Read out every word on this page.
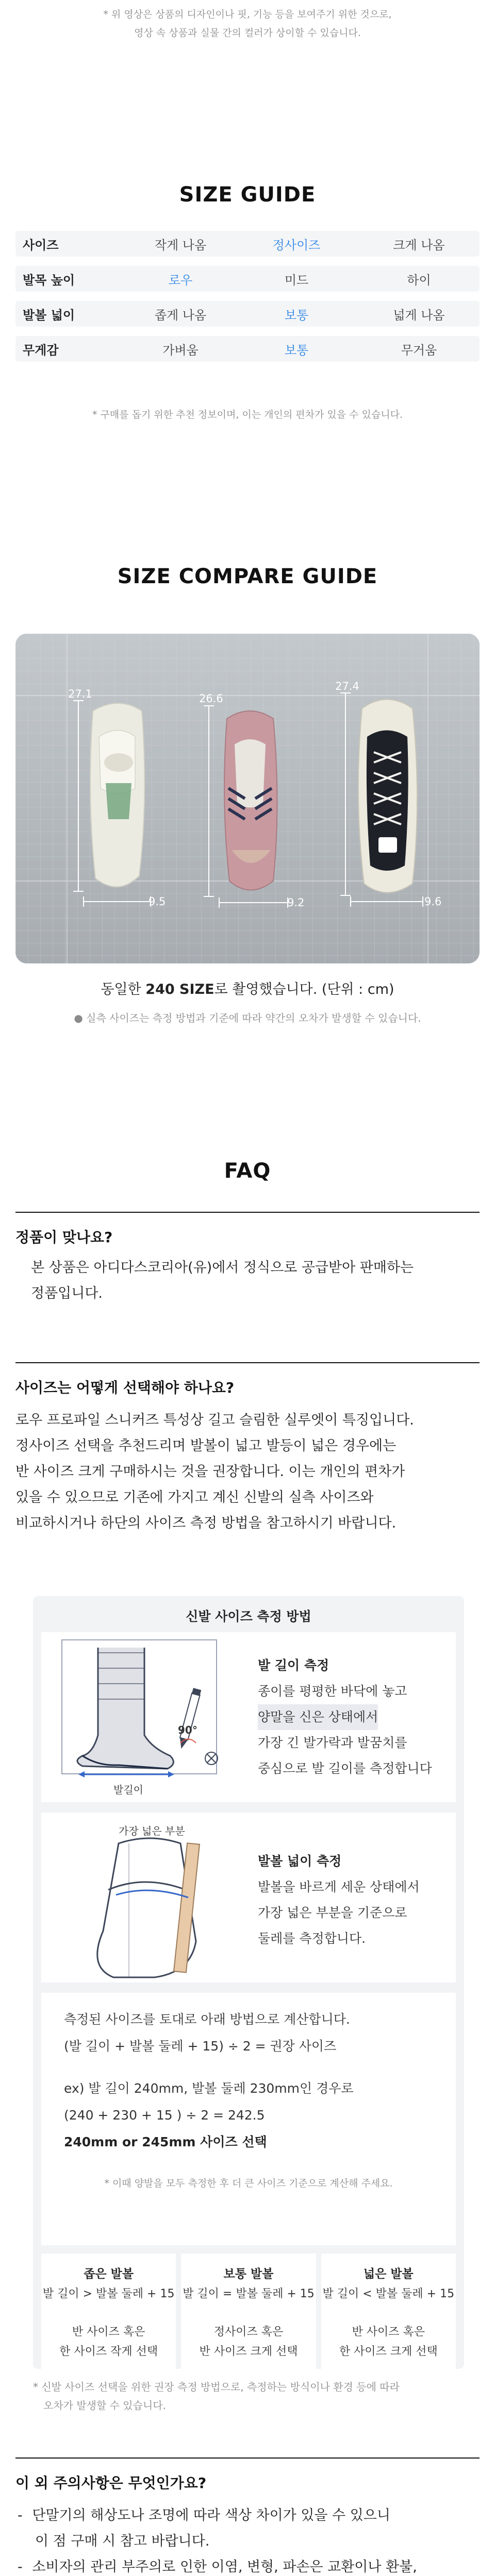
* 위 영상은 상품의 디자인이나 핏, 기능 등을 보여주기 위한 것으로,
영상 속 상품과 실물 간의 컬러가 상이할 수 있습니다.
SIZE GUIDE
사이즈	작게 나옴	정사이즈	크게 나옴
발목 높이	로우	미드	하이
발볼 넓이	좁게 나옴	보통	넓게 나옴
무게감	가벼움	보통	무거움
* 구매를 돕기 위한 추천 정보이며, 이는 개인의 편차가 있을 수 있습니다.
SIZE COMPARE GUIDE
27.1
9.5
26.6
9.2
27.4
9.6
동일한 240 SIZE로 촬영했습니다. (단위 : cm)
● 실측 사이즈는 측정 방법과 기준에 따라 약간의 오차가 발생할 수 있습니다.
FAQ
정품이 맞나요?
본 상품은 아디다스코리아(유)에서 정식으로 공급받아 판매하는
정품입니다.
사이즈는 어떻게 선택해야 하나요?
로우 프로파일 스니커즈 특성상 길고 슬림한 실루엣이 특징입니다.
정사이즈 선택을 추천드리며 발볼이 넓고 발등이 넓은 경우에는
반 사이즈 크게 구매하시는 것을 권장합니다. 이는 개인의 편차가
있을 수 있으므로 기존에 가지고 계신 신발의 실측 사이즈와
비교하시거나 하단의 사이즈 측정 방법을 참고하시기 바랍니다.
신발 사이즈 측정 방법
발길이
90°
발 길이 측정
종이를 평평한 바닥에 놓고
양말을 신은 상태에서
가장 긴 발가락과 발꿈치를
중심으로 발 길이를 측정합니다
가장 넓은 부분
발볼 넓이 측정
발볼을 바르게 세운 상태에서
가장 넓은 부분을 기준으로
둘레를 측정합니다.

측정된 사이즈를 토대로 아래 방법으로 계산합니다.

(발 길이 + 발볼 둘레 + 15) ÷ 2 = 권장 사이즈

ex) 발 길이 240mm, 발볼 둘레 230mm인 경우로

(240 + 230 + 15 ) ÷ 2 = 242.5

240mm or 245mm 사이즈 선택

* 이때 양발을 모두 측정한 후 더 큰 사이즈 기준으로 계산해 주세요.

좁은 발볼
발 길이 > 발볼 둘레 + 15
반 사이즈 혹은
한 사이즈 작게 선택
보통 발볼
발 길이 = 발볼 둘레 + 15
정사이즈 혹은
반 사이즈 크게 선택
넓은 발볼
발 길이 < 발볼 둘레 + 15
반 사이즈 혹은
한 사이즈 크게 선택
* 신발 사이즈 선택을 위한 권장 측정 방법으로, 측정하는 방식이나 환경 등에 따라
오차가 발생할 수 있습니다.
이 외 주의사항은 무엇인가요?
- 단말기의 해상도나 조명에 따라 색상 차이가 있을 수 있으니
이 점 구매 시 참고 바랍니다.
- 소비자의 관리 부주의로 인한 이염, 변형, 파손은 교환이나 환불,
